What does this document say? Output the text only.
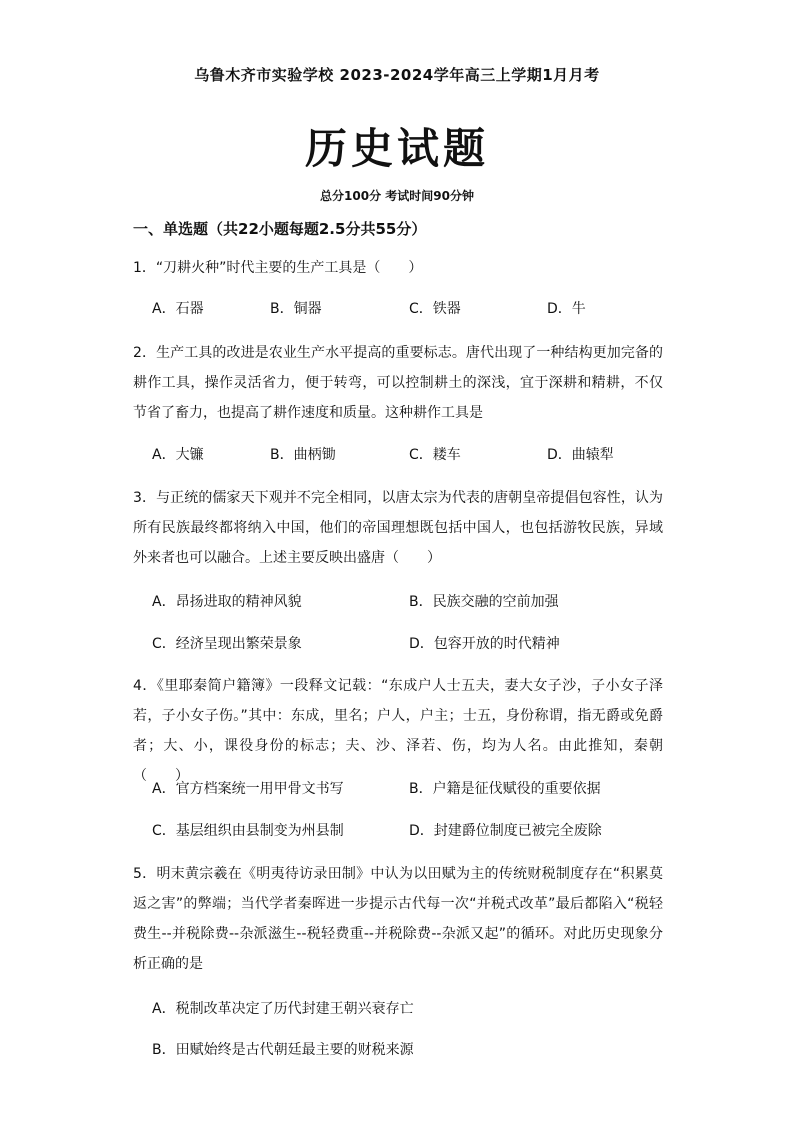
乌鲁木齐市实验学校 2023-2024学年高三上学期1月月考
历史试题
总分100分 考试时间90分钟
一、单选题（共22小题每题2.5分共55分）
1．“刀耕火种”时代主要的生产工具是（　　）
A．石器	B．铜器	C．铁器	D．牛
2．生产工具的改进是农业生产水平提高的重要标志。唐代出现了一种结构更加完备的耕作工具，操作灵活省力，便于转弯，可以控制耕土的深浅，宜于深耕和精耕，不仅节省了畜力，也提高了耕作速度和质量。这种耕作工具是
A．大镰	B．曲柄锄	C．耧车	D．曲辕犁
3．与正统的儒家天下观并不完全相同，以唐太宗为代表的唐朝皇帝提倡包容性，认为所有民族最终都将纳入中国，他们的帝国理想既包括中国人，也包括游牧民族，异域外来者也可以融合。上述主要反映出盛唐（　　）
A．昂扬进取的精神风貌	B．民族交融的空前加强
C．经济呈现出繁荣景象	D．包容开放的时代精神
4．《里耶秦简户籍簿》一段释文记载：“东成户人士五夫，妻大女子沙，子小女子泽若，子小女子伤。”其中：东成，里名；户人，户主；士五，身份称谓，指无爵或免爵者；大、小，课役身份的标志；夫、沙、泽若、伤，均为人名。由此推知，秦朝（　　）
A．官方档案统一用甲骨文书写	B．户籍是征伐赋役的重要依据
C．基层组织由县制变为州县制	D．封建爵位制度已被完全废除
5．明末黄宗羲在《明夷待访录田制》中认为以田赋为主的传统财税制度存在“积累莫返之害”的弊端；当代学者秦晖进一步提示古代每一次“并税式改革”最后都陷入“税轻费生--并税除费--杂派滋生--税轻费重--并税除费--杂派又起”的循环。对此历史现象分析正确的是
A．税制改革决定了历代封建王朝兴衰存亡
B．田赋始终是古代朝廷最主要的财税来源
